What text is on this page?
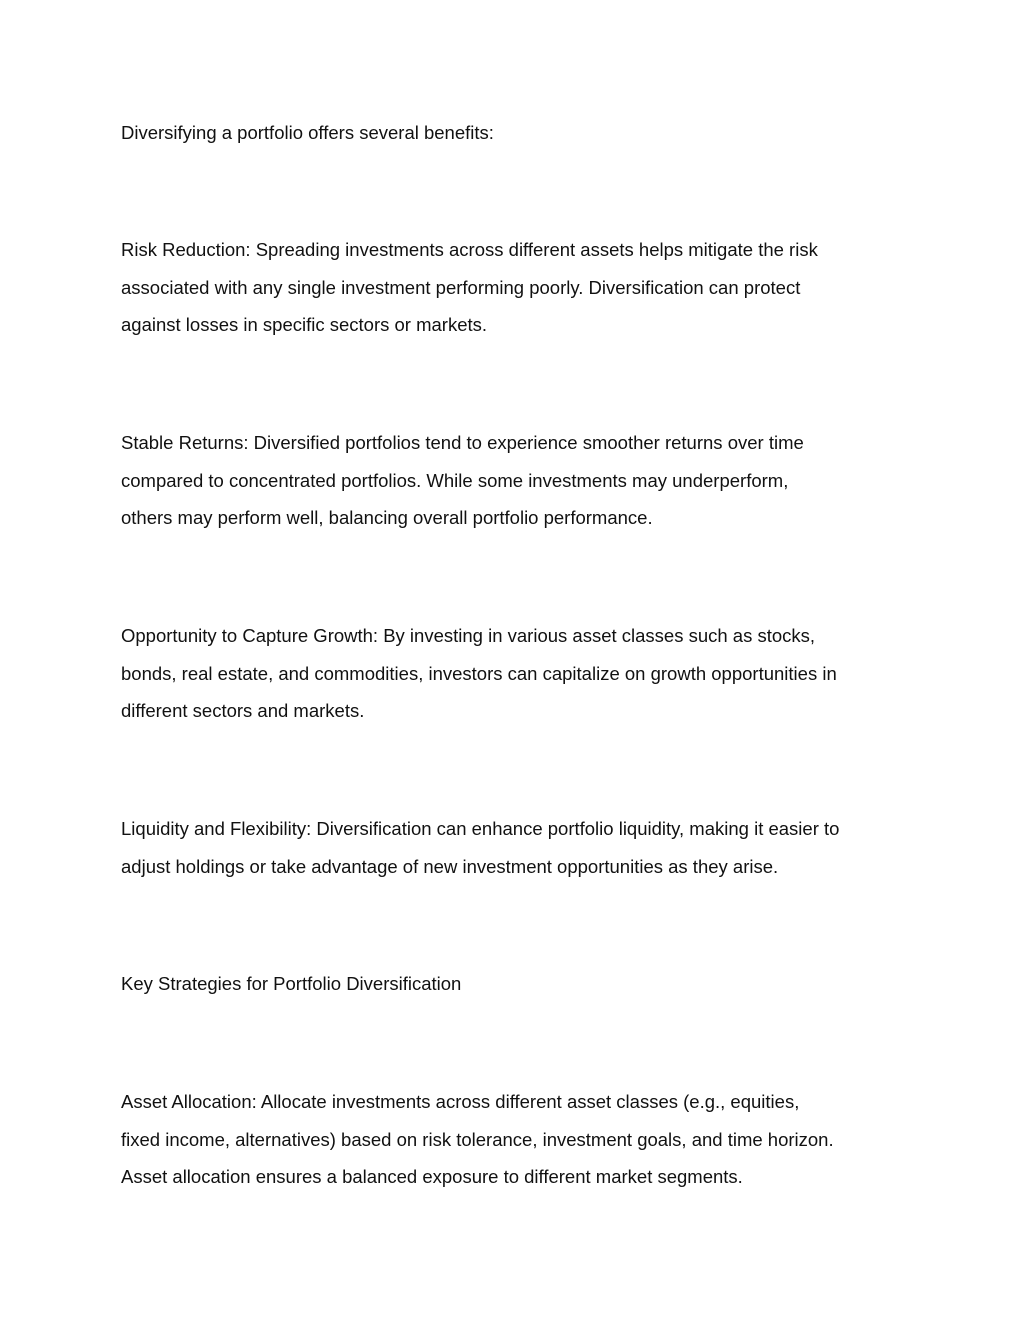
Diversifying a portfolio offers several benefits:

Risk Reduction: Spreading investments across different assets helps mitigate the risk
associated with any single investment performing poorly. Diversification can protect
against losses in specific sectors or markets.

Stable Returns: Diversified portfolios tend to experience smoother returns over time
compared to concentrated portfolios. While some investments may underperform,
others may perform well, balancing overall portfolio performance.

Opportunity to Capture Growth: By investing in various asset classes such as stocks,
bonds, real estate, and commodities, investors can capitalize on growth opportunities in
different sectors and markets.

Liquidity and Flexibility: Diversification can enhance portfolio liquidity, making it easier to
adjust holdings or take advantage of new investment opportunities as they arise.

Key Strategies for Portfolio Diversification

Asset Allocation: Allocate investments across different asset classes (e.g., equities,
fixed income, alternatives) based on risk tolerance, investment goals, and time horizon.
Asset allocation ensures a balanced exposure to different market segments.
